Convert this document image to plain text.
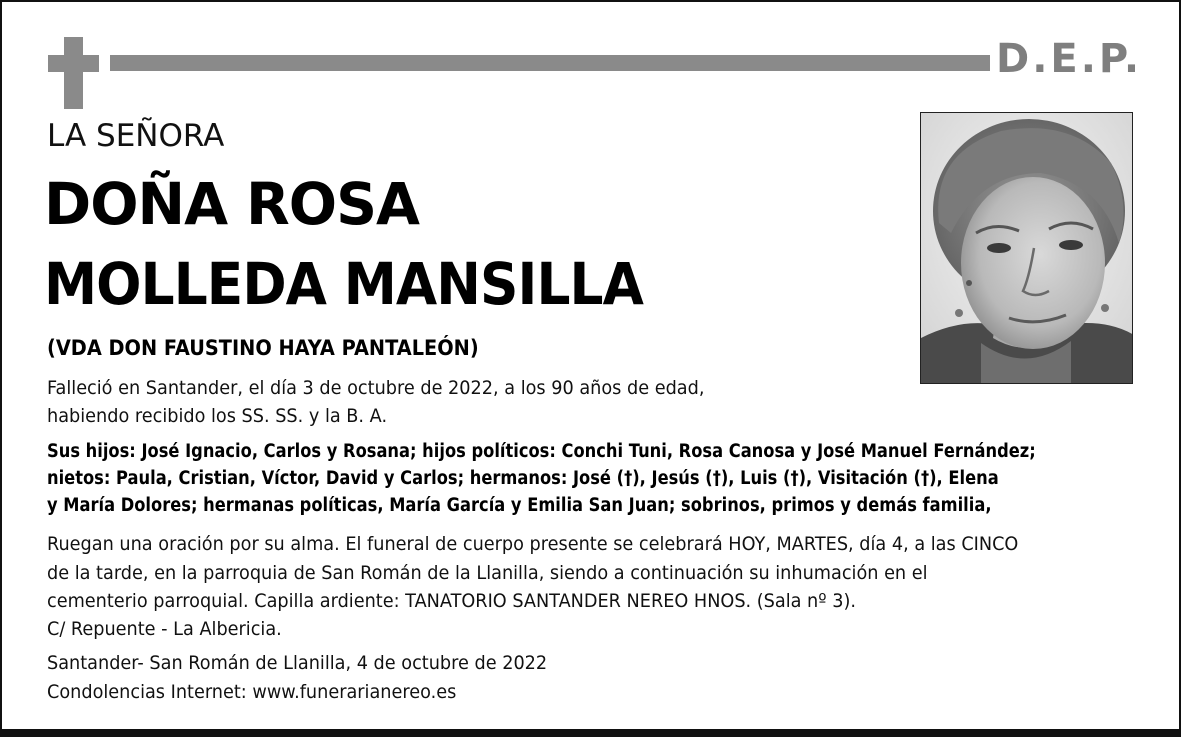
D.E.P.
LA SEÑORA
DOÑA ROSA
MOLLEDA MANSILLA
(VDA DON FAUSTINO HAYA PANTALEÓN)
Falleció en Santander, el día 3 de octubre de 2022, a los 90 años de edad,
habiendo recibido los SS. SS. y la B. A.
Sus hijos: José Ignacio, Carlos y Rosana; hijos políticos: Conchi Tuni, Rosa Canosa y José Manuel Fernández;
nietos: Paula, Cristian, Víctor, David y Carlos; hermanos: José (†), Jesús (†), Luis (†), Visitación (†), Elena
y María Dolores; hermanas políticas, María García y Emilia San Juan; sobrinos, primos y demás familia,
Ruegan una oración por su alma. El funeral de cuerpo presente se celebrará HOY, MARTES, día 4, a las CINCO
de la tarde, en la parroquia de San Román de la Llanilla, siendo a continuación su inhumación en el
cementerio parroquial. Capilla ardiente: TANATORIO SANTANDER NEREO HNOS. (Sala nº 3).
C/ Repuente - La Albericia.
Santander- San Román de Llanilla, 4 de octubre de 2022
Condolencias Internet: www.funerarianereo.es
